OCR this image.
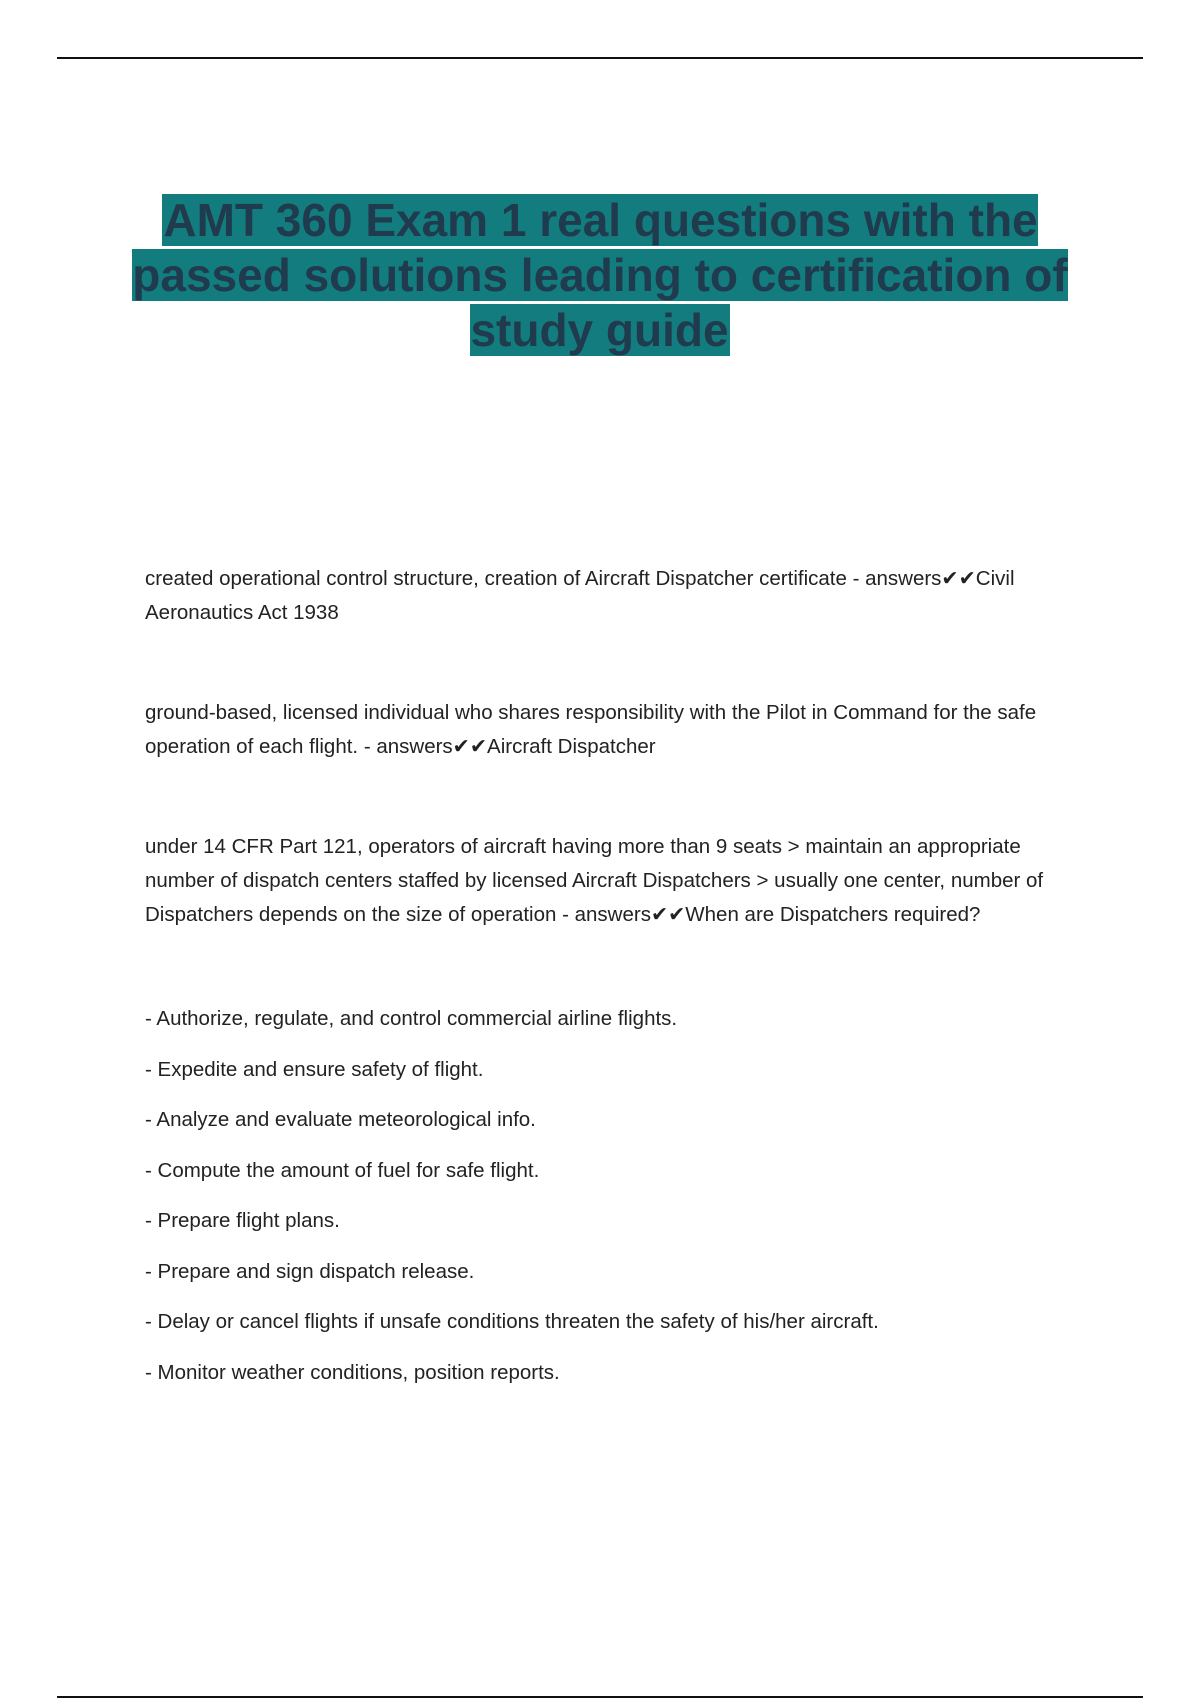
AMT 360 Exam 1 real questions with the passed solutions leading to certification of study guide

created operational control structure, creation of Aircraft Dispatcher certificate - answers✔✔Civil Aeronautics Act 1938

ground-based, licensed individual who shares responsibility with the Pilot in Command for the safe operation of each flight. - answers✔✔Aircraft Dispatcher

under 14 CFR Part 121, operators of aircraft having more than 9 seats > maintain an appropriate number of dispatch centers staffed by licensed Aircraft Dispatchers > usually one center, number of Dispatchers depends on the size of operation - answers✔✔When are Dispatchers required?

- Authorize, regulate, and control commercial airline flights.

- Expedite and ensure safety of flight.

- Analyze and evaluate meteorological info.

- Compute the amount of fuel for safe flight.

- Prepare flight plans.

- Prepare and sign dispatch release.

- Delay or cancel flights if unsafe conditions threaten the safety of his/her aircraft.

- Monitor weather conditions, position reports.
